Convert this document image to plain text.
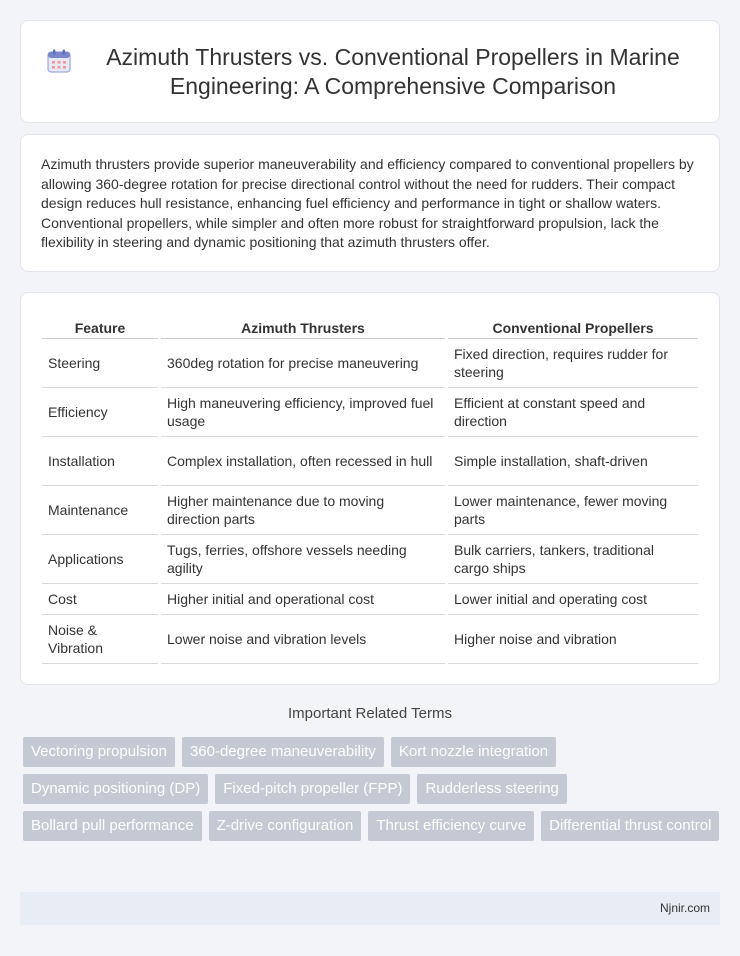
Azimuth Thrusters vs. Conventional Propellers in Marine Engineering: A Comprehensive Comparison

Azimuth thrusters provide superior maneuverability and efficiency compared to conventional propellers by allowing 360-degree rotation for precise directional control without the need for rudders. Their compact design reduces hull resistance, enhancing fuel efficiency and performance in tight or shallow waters. Conventional propellers, while simpler and often more robust for straightforward propulsion, lack the flexibility in steering and dynamic positioning that azimuth thrusters offer.

Feature	Azimuth Thrusters	Conventional Propellers
Steering	360deg rotation for precise maneuvering	Fixed direction, requires rudder for steering
Efficiency	High maneuvering efficiency, improved fuel usage	Efficient at constant speed and direction
Installation	Complex installation, often recessed in hull	Simple installation, shaft-driven
Maintenance	Higher maintenance due to moving direction parts	Lower maintenance, fewer moving parts
Applications	Tugs, ferries, offshore vessels needing agility	Bulk carriers, tankers, traditional cargo ships
Cost	Higher initial and operational cost	Lower initial and operating cost
Noise & Vibration	Lower noise and vibration levels	Higher noise and vibration
Important Related Terms
Vectoring propulsion	360-degree maneuverability	Kort nozzle integration
Dynamic positioning (DP)	Fixed-pitch propeller (FPP)	Rudderless steering
Bollard pull performance	Z-drive configuration	Thrust efficiency curve	Differential thrust control
Njnir.com
